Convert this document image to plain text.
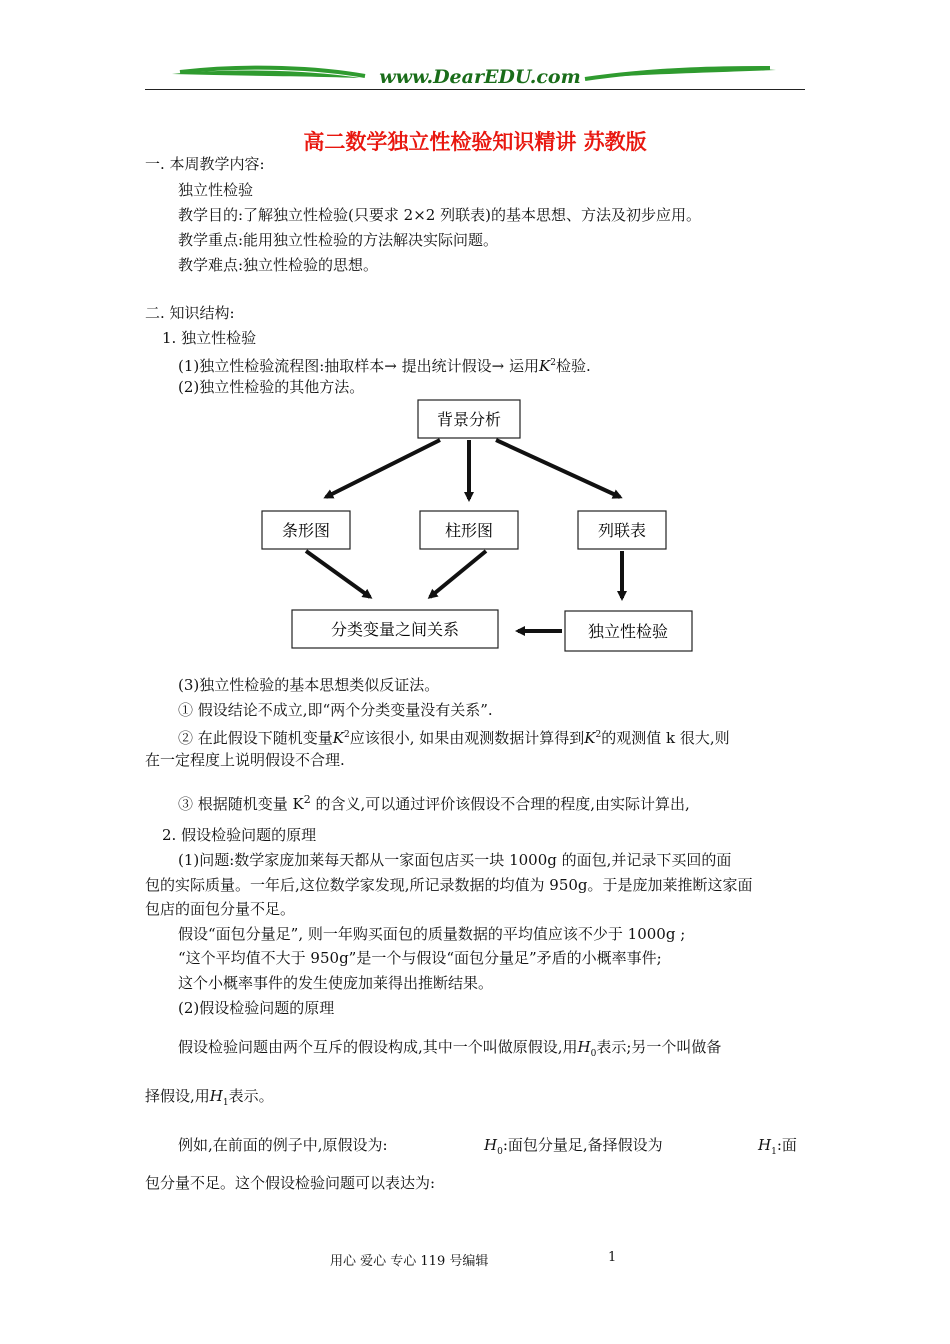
www.DearEDU.com
高二数学独立性检验知识精讲 苏教版
一. 本周教学内容:
独立性检验
教学目的:了解独立性检验(只要求 2×2 列联表)的基本思想、方法及初步应用。
教学重点:能用独立性检验的方法解决实际问题。
教学难点:独立性检验的思想。
二. 知识结构:
1. 独立性检验
(1)独立性检验流程图:抽取样本→ 提出统计假设→ 运用$K^2$检验.
(2)独立性检验的其他方法。
背景分析
条形图	柱形图	列联表
分类变量之间关系	独立性检验
(3)独立性检验的基本思想类似反证法。
① 假设结论不成立,即“两个分类变量没有关系”.
② 在此假设下随机变量$K^2$应该很小, 如果由观测数据计算得到$K^2$的观测值 k 很大,则
在一定程度上说明假设不合理.
③ 根据随机变量 $K^2$ 的含义,可以通过评价该假设不合理的程度,由实际计算出,
2. 假设检验问题的原理
(1)问题:数学家庞加莱每天都从一家面包店买一块 1000g 的面包,并记录下买回的面
包的实际质量。一年后,这位数学家发现,所记录数据的均值为 950g。于是庞加莱推断这家面
包店的面包分量不足。
假设“面包分量足”, 则一年购买面包的质量数据的平均值应该不少于 1000g ;
“这个平均值不大于 950g”是一个与假设“面包分量足”矛盾的小概率事件;
这个小概率事件的发生使庞加莱得出推断结果。
(2)假设检验问题的原理
假设检验问题由两个互斥的假设构成,其中一个叫做原假设,用$H_0$表示;另一个叫做备
择假设,用$H_1$表示。
例如,在前面的例子中,原假设为:	$H_0$:面包分量足,备择假设为	$H_1$:面
包分量不足。这个假设检验问题可以表达为:
用心 爱心 专心 119 号编辑	1
